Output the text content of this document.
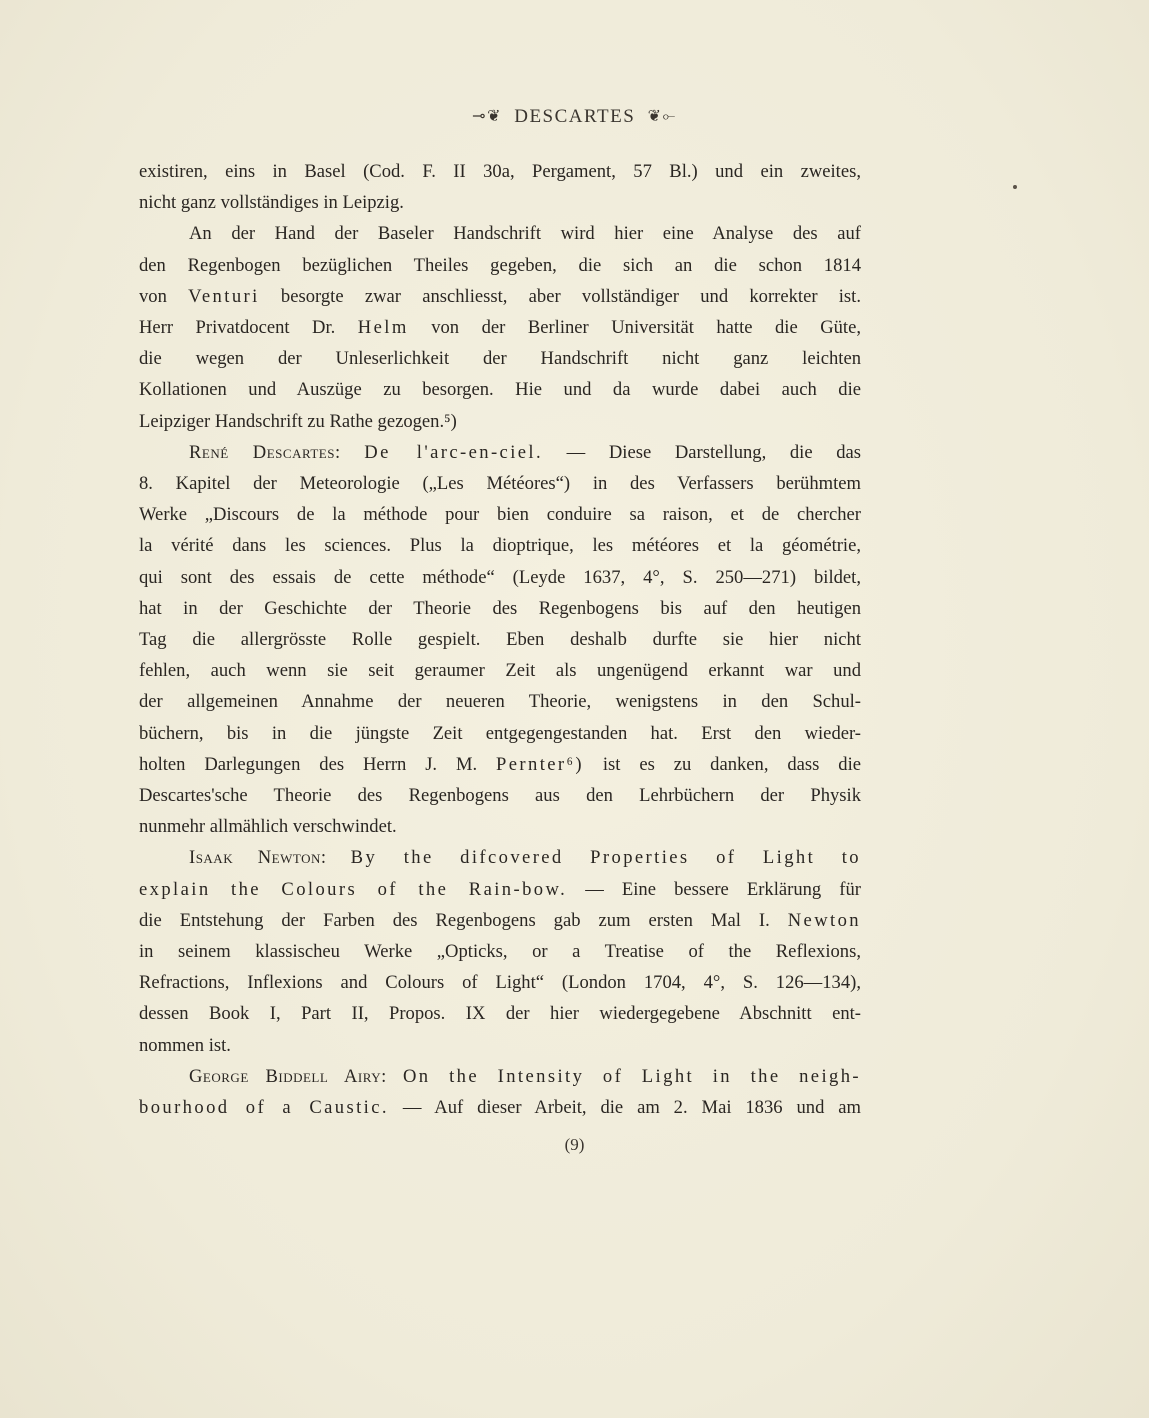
⊸❦ DESCARTES ❦⟜
existiren, eins in Basel (Cod. F. II 30a, Pergament, 57 Bl.) und ein zweites,
nicht ganz vollständiges in Leipzig.
An der Hand der Baseler Handschrift wird hier eine Analyse des auf
den Regenbogen bezüglichen Theiles gegeben, die sich an die schon 1814
von Venturi besorgte zwar anschliesst, aber vollständiger und korrekter ist.
Herr Privatdocent Dr. Helm von der Berliner Universität hatte die Güte,
die wegen der Unleserlichkeit der Handschrift nicht ganz leichten
Kollationen und Auszüge zu besorgen. Hie und da wurde dabei auch die
Leipziger Handschrift zu Rathe gezogen.⁵)
René Descartes: De l'arc-en-ciel. — Diese Darstellung, die das
8. Kapitel der Meteorologie („Les Météores“) in des Verfassers berühmtem
Werke „Discours de la méthode pour bien conduire sa raison, et de chercher
la vérité dans les sciences. Plus la dioptrique, les météores et la géométrie,
qui sont des essais de cette méthode“ (Leyde 1637, 4°, S. 250—271) bildet,
hat in der Geschichte der Theorie des Regenbogens bis auf den heutigen
Tag die allergrösste Rolle gespielt. Eben deshalb durfte sie hier nicht
fehlen, auch wenn sie seit geraumer Zeit als ungenügend erkannt war und
der allgemeinen Annahme der neueren Theorie, wenigstens in den Schul-
büchern, bis in die jüngste Zeit entgegengestanden hat. Erst den wieder-
holten Darlegungen des Herrn J. M. Pernter⁶) ist es zu danken, dass die
Descartes'sche Theorie des Regenbogens aus den Lehrbüchern der Physik
nunmehr allmählich verschwindet.
Isaak Newton: By the difcovered Properties of Light to
explain the Colours of the Rain-bow. — Eine bessere Erklärung für
die Entstehung der Farben des Regenbogens gab zum ersten Mal I. Newton
in seinem klassischeu Werke „Opticks, or a Treatise of the Reflexions,
Refractions, Inflexions and Colours of Light“ (London 1704, 4°, S. 126—134),
dessen Book I, Part II, Propos. IX der hier wiedergegebene Abschnitt ent-
nommen ist.
George Biddell Airy: On the Intensity of Light in the neigh-
bourhood of a Caustic. — Auf dieser Arbeit, die am 2. Mai 1836 und am
(9)
